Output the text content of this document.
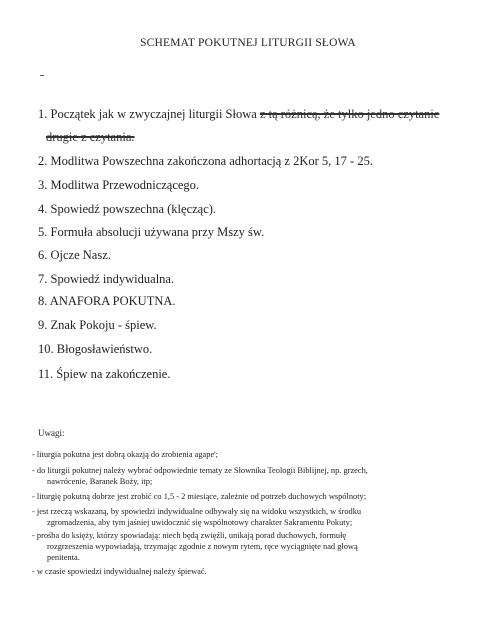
SCHEMAT POKUTNEJ LITURGII SŁOWA
1. Początek jak w zwyczajnej liturgii Słowa z tą różnicą, że tylko jedno czytanie
drugie z czytania.
2. Modlitwa Powszechna zakończona adhortacją z 2Kor 5, 17 - 25.
3. Modlitwa Przewodniczącego.
4. Spowiedź powszechna (klęcząc).
5. Formuła absolucji używana przy Mszy św.
6. Ojcze Nasz.
7. Spowiedź indywidualna.
8. ANAFORA POKUTNA.
9. Znak Pokoju - śpiew.
10. Błogosławieństwo.
11. Śpiew na zakończenie.
Uwagi:
- liturgia pokutna jest dobrą okazją do zrobienia agape';
- do liturgii pokutnej należy wybrać odpowiednie tematy ze Słownika Teologii Biblijnej, np. grzech,
nawrócenie, Baranek Boży, itp;
- liturgię pokutną dobrze jest zrobić co 1,5 - 2 miesiące, zależnie od potrzeb duchowych wspólnoty;
- jest rzeczą wskazaną, by spowiedzi indywidualne odbywały się na widoku wszystkich, w środku
zgromadzenia, aby tym jaśniej uwidocznić się wspólnotowy charakter Sakramentu Pokuty;
- prośba do księży, którzy spowiadają: niech będą zwięźli, unikają porad duchowych, formułę
rozgrzeszenia wypowiadają, trzymając zgodnie z nowym rytem, ręce wyciągnięte nad głową
penitenta.
- w czasie spowiedzi indywidualnej należy śpiewać.
